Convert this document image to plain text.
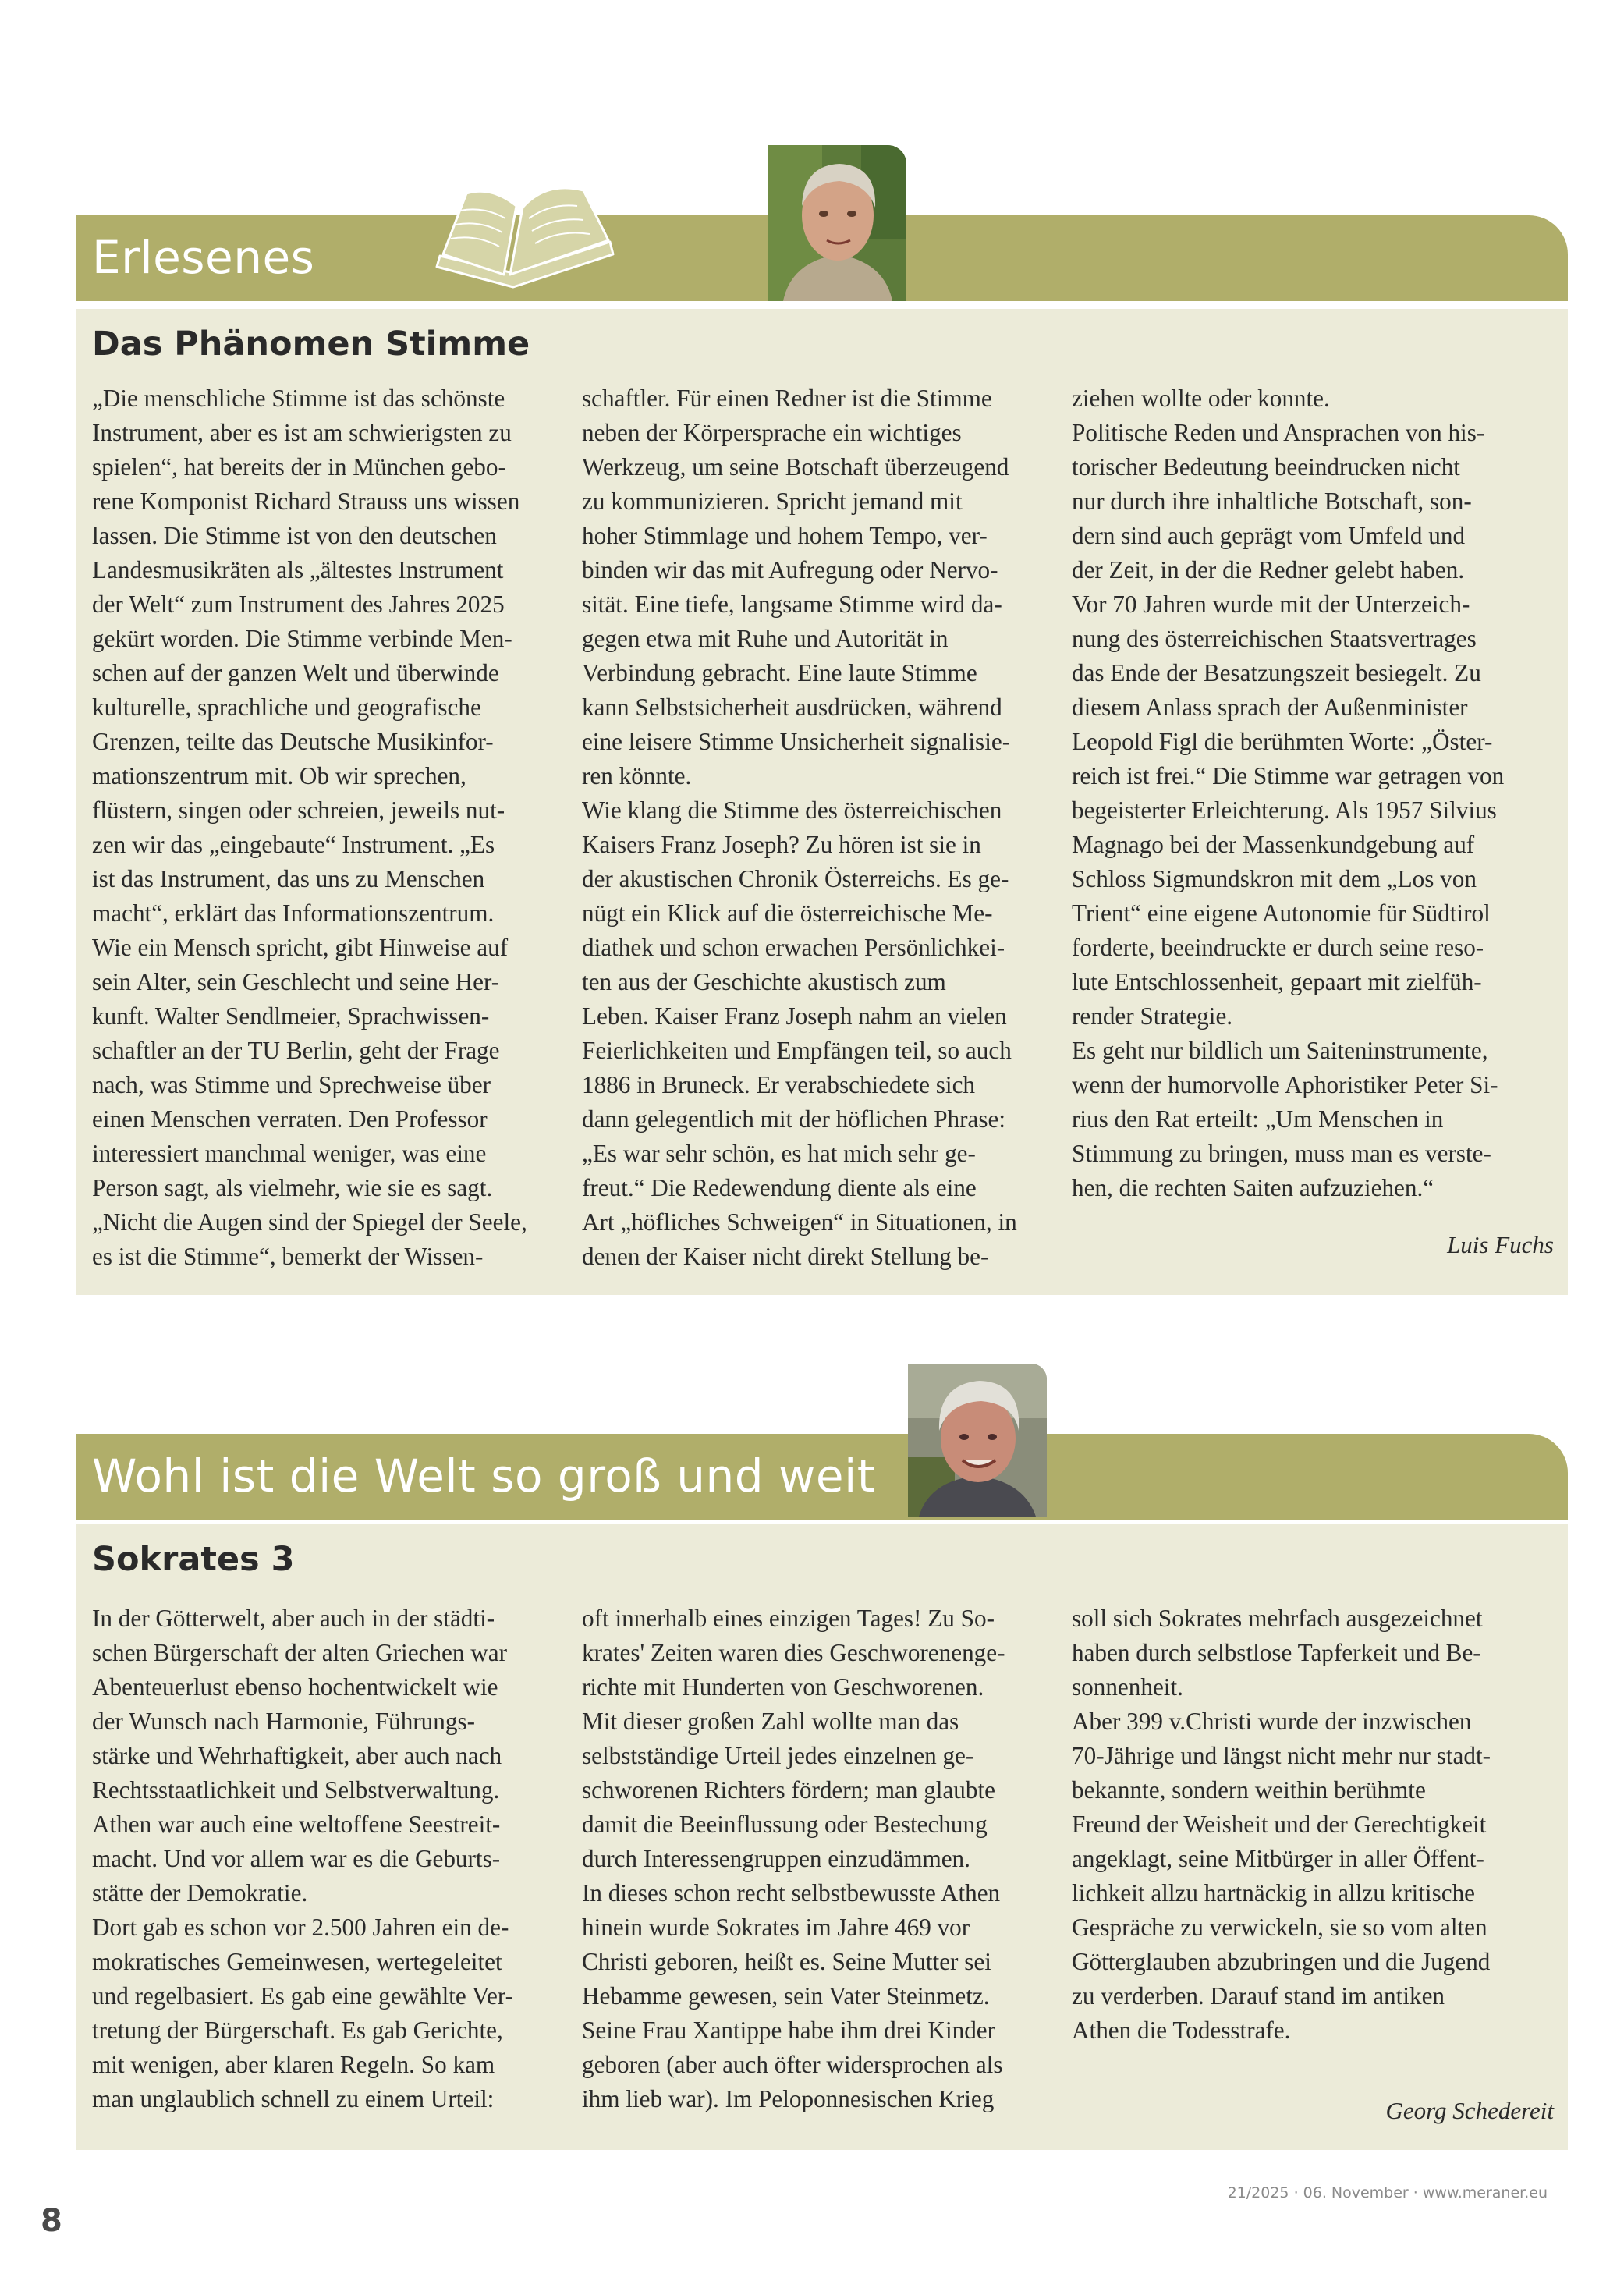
Erlesenes
Das Phänomen Stimme
„Die menschliche Stimme ist das schönste
Instrument, aber es ist am schwierigsten zu
spielen“, hat bereits der in München gebo-
rene Komponist Richard Strauss uns wissen
lassen. Die Stimme ist von den deutschen
Landesmusikräten als „ältestes Instrument
der Welt“ zum Instrument des Jahres 2025
gekürt worden. Die Stimme verbinde Men-
schen auf der ganzen Welt und überwinde
kulturelle, sprachliche und geografische
Grenzen, teilte das Deutsche Musikinfor-
mationszentrum mit. Ob wir sprechen,
flüstern, singen oder schreien, jeweils nut-
zen wir das „eingebaute“ Instrument. „Es
ist das Instrument, das uns zu Menschen
macht“, erklärt das Informationszentrum.
Wie ein Mensch spricht, gibt Hinweise auf
sein Alter, sein Geschlecht und seine Her-
kunft. Walter Sendlmeier, Sprachwissen-
schaftler an der TU Berlin, geht der Frage
nach, was Stimme und Sprechweise über
einen Menschen verraten. Den Professor
interessiert manchmal weniger, was eine
Person sagt, als vielmehr, wie sie es sagt.
„Nicht die Augen sind der Spiegel der Seele,
es ist die Stimme“, bemerkt der Wissen-
schaftler. Für einen Redner ist die Stimme
neben der Körpersprache ein wichtiges
Werkzeug, um seine Botschaft überzeugend
zu kommunizieren. Spricht jemand mit
hoher Stimmlage und hohem Tempo, ver-
binden wir das mit Aufregung oder Nervo-
sität. Eine tiefe, langsame Stimme wird da-
gegen etwa mit Ruhe und Autorität in
Verbindung gebracht. Eine laute Stimme
kann Selbstsicherheit ausdrücken, während
eine leisere Stimme Unsicherheit signalisie-
ren könnte.
Wie klang die Stimme des österreichischen
Kaisers Franz Joseph? Zu hören ist sie in
der akustischen Chronik Österreichs. Es ge-
nügt ein Klick auf die österreichische Me-
diathek und schon erwachen Persönlichkei-
ten aus der Geschichte akustisch zum
Leben. Kaiser Franz Joseph nahm an vielen
Feierlichkeiten und Empfängen teil, so auch
1886 in Bruneck. Er verabschiedete sich
dann gelegentlich mit der höflichen Phrase:
„Es war sehr schön, es hat mich sehr ge-
freut.“ Die Redewendung diente als eine
Art „höfliches Schweigen“ in Situationen, in
denen der Kaiser nicht direkt Stellung be-
ziehen wollte oder konnte.
Politische Reden und Ansprachen von his-
torischer Bedeutung beeindrucken nicht
nur durch ihre inhaltliche Botschaft, son-
dern sind auch geprägt vom Umfeld und
der Zeit, in der die Redner gelebt haben.
Vor 70 Jahren wurde mit der Unterzeich-
nung des österreichischen Staatsvertrages
das Ende der Besatzungszeit besiegelt. Zu
diesem Anlass sprach der Außenminister
Leopold Figl die berühmten Worte: „Öster-
reich ist frei.“ Die Stimme war getragen von
begeisterter Erleichterung. Als 1957 Silvius
Magnago bei der Massenkundgebung auf
Schloss Sigmundskron mit dem „Los von
Trient“ eine eigene Autonomie für Südtirol
forderte, beeindruckte er durch seine reso-
lute Entschlossenheit, gepaart mit zielfüh-
render Strategie.
Es geht nur bildlich um Saiteninstrumente,
wenn der humorvolle Aphoristiker Peter Si-
rius den Rat erteilt: „Um Menschen in
Stimmung zu bringen, muss man es verste-
hen, die rechten Saiten aufzuziehen.“
Luis Fuchs
Wohl ist die Welt so groß und weit
Sokrates 3
In der Götterwelt, aber auch in der städti-
schen Bürgerschaft der alten Griechen war
Abenteuerlust ebenso hochentwickelt wie
der Wunsch nach Harmonie, Führungs-
stärke und Wehrhaftigkeit, aber auch nach
Rechtsstaatlichkeit und Selbstverwaltung.
Athen war auch eine weltoffene Seestreit-
macht. Und vor allem war es die Geburts-
stätte der Demokratie.
Dort gab es schon vor 2.500 Jahren ein de-
mokratisches Gemeinwesen, wertegeleitet
und regelbasiert. Es gab eine gewählte Ver-
tretung der Bürgerschaft. Es gab Gerichte,
mit wenigen, aber klaren Regeln. So kam
man unglaublich schnell zu einem Urteil:
oft innerhalb eines einzigen Tages! Zu So-
krates' Zeiten waren dies Geschworenenge-
richte mit Hunderten von Geschworenen.
Mit dieser großen Zahl wollte man das
selbstständige Urteil jedes einzelnen ge-
schworenen Richters fördern; man glaubte
damit die Beeinflussung oder Bestechung
durch Interessengruppen einzudämmen.
In dieses schon recht selbstbewusste Athen
hinein wurde Sokrates im Jahre 469 vor
Christi geboren, heißt es. Seine Mutter sei
Hebamme gewesen, sein Vater Steinmetz.
Seine Frau Xantippe habe ihm drei Kinder
geboren (aber auch öfter widersprochen als
ihm lieb war). Im Peloponnesischen Krieg
soll sich Sokrates mehrfach ausgezeichnet
haben durch selbstlose Tapferkeit und Be-
sonnenheit.
Aber 399 v.Christi wurde der inzwischen
70-Jährige und längst nicht mehr nur stadt-
bekannte, sondern weithin berühmte
Freund der Weisheit und der Gerechtigkeit
angeklagt, seine Mitbürger in aller Öffent-
lichkeit allzu hartnäckig in allzu kritische
Gespräche zu verwickeln, sie so vom alten
Götterglauben abzubringen und die Jugend
zu verderben. Darauf stand im antiken
Athen die Todesstrafe.
Georg Schedereit
8
21/2025 · 06. November · www.meraner.eu
